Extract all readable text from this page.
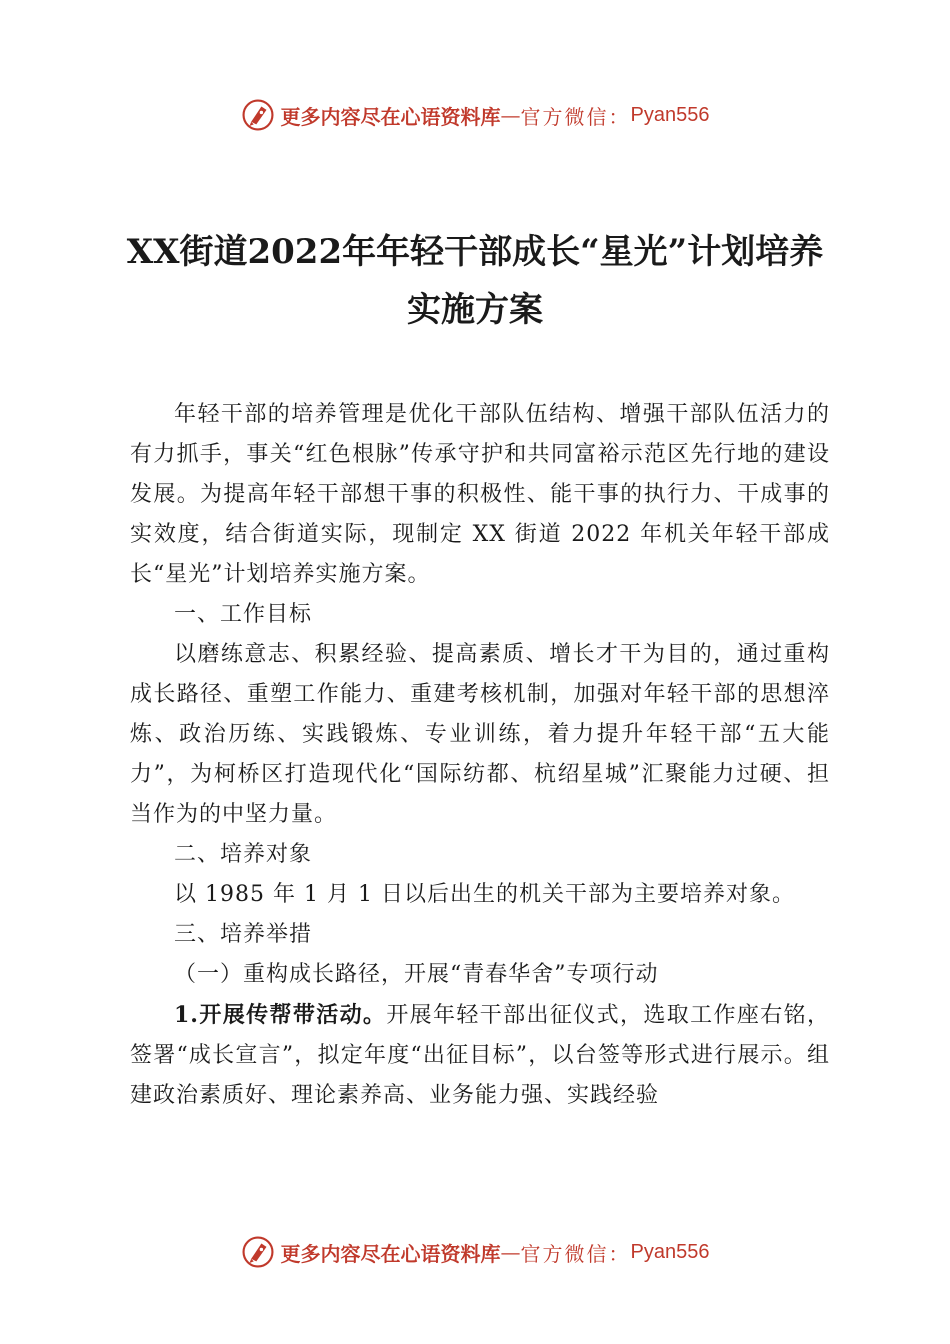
更多内容尽在心语资料库 — 官方微信： Pyan556
XX街道2022年年轻干部成长“星光”计划培养
实施方案

年轻干部的培养管理是优化干部队伍结构、增强干部队伍活力的有力抓手，事关“红色根脉”传承守护和共同富裕示范区先行地的建设发展。为提高年轻干部想干事的积极性、能干事的执行力、干成事的实效度，结合街道实际，现制定 XX 街道 2022 年机关年轻干部成长“星光”计划培养实施方案。

一、工作目标

以磨练意志、积累经验、提高素质、增长才干为目的，通过重构成长路径、重塑工作能力、重建考核机制，加强对年轻干部的思想淬炼、政治历练、实践锻炼、专业训练，着力提升年轻干部“五大能力”，为柯桥区打造现代化“国际纺都、杭绍星城”汇聚能力过硬、担当作为的中坚力量。

二、培养对象

以 1985 年 1 月 1 日以后出生的机关干部为主要培养对象。

三、培养举措

（一）重构成长路径，开展“青春华舍”专项行动

1.开展传帮带活动。开展年轻干部出征仪式，选取工作座右铭，签署“成长宣言”，拟定年度“出征目标”，以台签等形式进行展示。组建政治素质好、理论素养高、业务能力强、实践经验

更多内容尽在心语资料库 — 官方微信： Pyan556
